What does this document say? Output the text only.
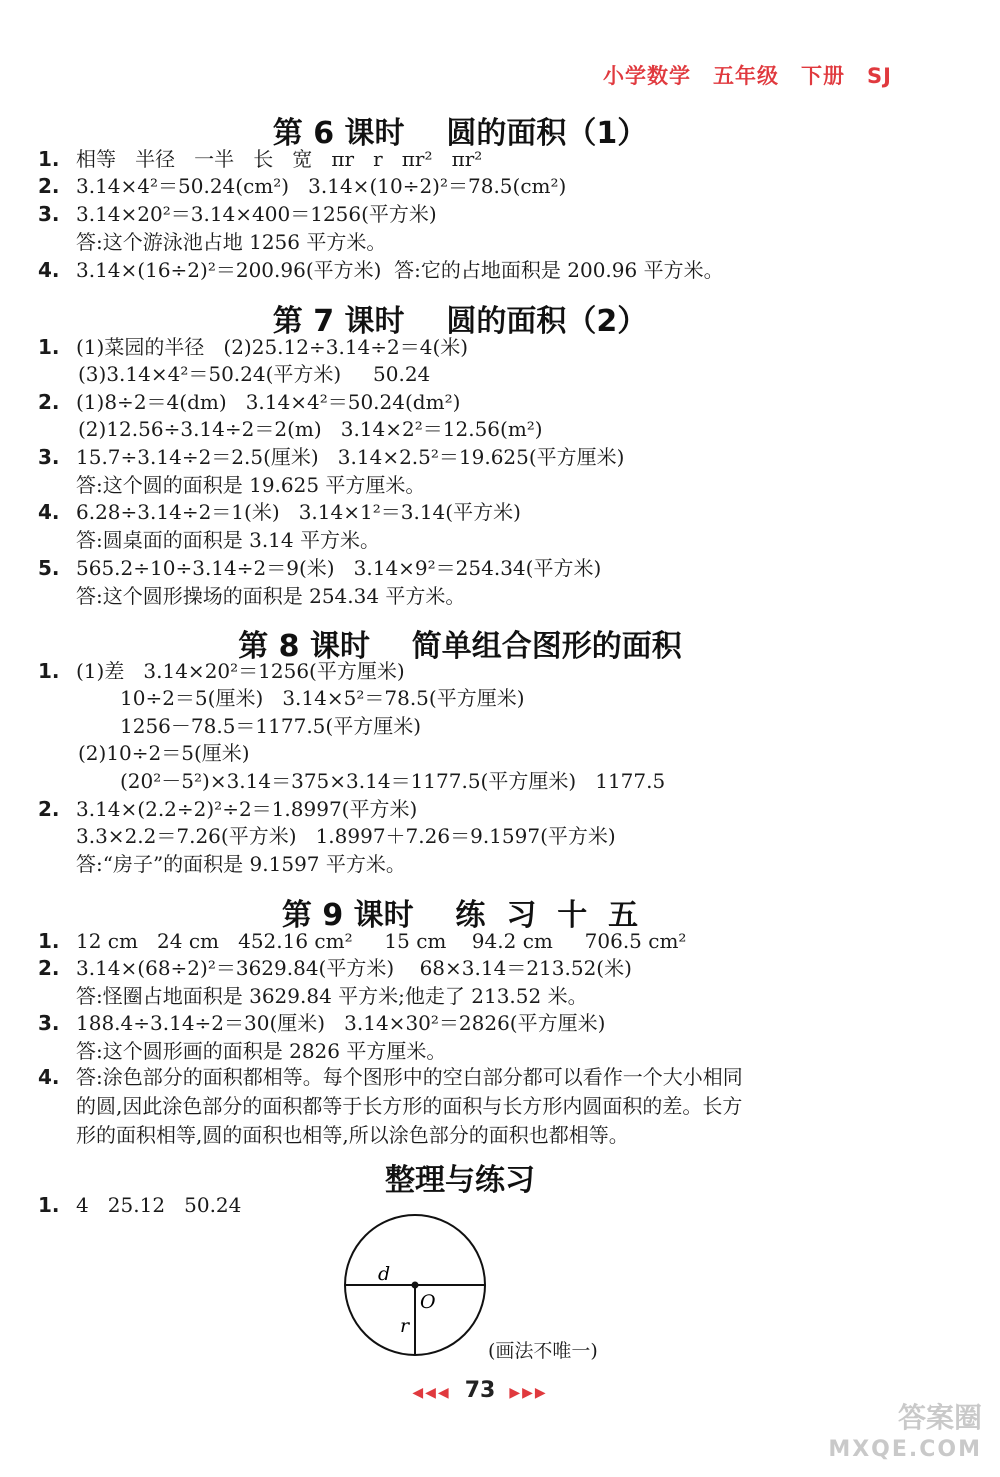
小学数学 五年级 下册 SJ
第 6 课时    圆的面积（1）
1. 相等   半径   一半   长   宽   πr   r   πr²   πr²
2. 3.14×4²＝50.24(cm²)   3.14×(10÷2)²＝78.5(cm²)
3. 3.14×20²＝3.14×400＝1256(平方米)
答:这个游泳池占地 1256 平方米。
4. 3.14×(16÷2)²＝200.96(平方米)  答:它的占地面积是 200.96 平方米。
第 7 课时    圆的面积（2）
1. (1)菜园的半径   (2)25.12÷3.14÷2＝4(米)
(3)3.14×4²＝50.24(平方米)     50.24
2. (1)8÷2＝4(dm)   3.14×4²＝50.24(dm²)
(2)12.56÷3.14÷2＝2(m)   3.14×2²＝12.56(m²)
3. 15.7÷3.14÷2＝2.5(厘米)   3.14×2.5²＝19.625(平方厘米)
答:这个圆的面积是 19.625 平方厘米。
4. 6.28÷3.14÷2＝1(米)   3.14×1²＝3.14(平方米)
答:圆桌面的面积是 3.14 平方米。
5. 565.2÷10÷3.14÷2＝9(米)   3.14×9²＝254.34(平方米)
答:这个圆形操场的面积是 254.34 平方米。
第 8 课时    简单组合图形的面积
1. (1)差   3.14×20²＝1256(平方厘米)
10÷2＝5(厘米)   3.14×5²＝78.5(平方厘米)
1256－78.5＝1177.5(平方厘米)
(2)10÷2＝5(厘米)
(20²－5²)×3.14＝375×3.14＝1177.5(平方厘米)   1177.5
2. 3.14×(2.2÷2)²÷2＝1.8997(平方米)
3.3×2.2＝7.26(平方米)   1.8997＋7.26＝9.1597(平方米)
答:“房子”的面积是 9.1597 平方米。
第 9 课时    练  习  十  五
1. 12 cm   24 cm   452.16 cm²     15 cm    94.2 cm     706.5 cm²
2. 3.14×(68÷2)²＝3629.84(平方米)    68×3.14＝213.52(米)
答:怪圈占地面积是 3629.84 平方米;他走了 213.52 米。
3. 188.4÷3.14÷2＝30(厘米)   3.14×30²＝2826(平方厘米)
答:这个圆形画的面积是 2826 平方厘米。
4. 答:涂色部分的面积都相等。每个图形中的空白部分都可以看作一个大小相同
的圆,因此涂色部分的面积都等于长方形的面积与长方形内圆面积的差。长方
形的面积相等,圆的面积也相等,所以涂色部分的面积也都相等。
整理与练习
1. 4   25.12   50.24
d
O
r
(画法不唯一)
◀◀◀ 73 ▶▶▶
答案圈
MXQE.COM
